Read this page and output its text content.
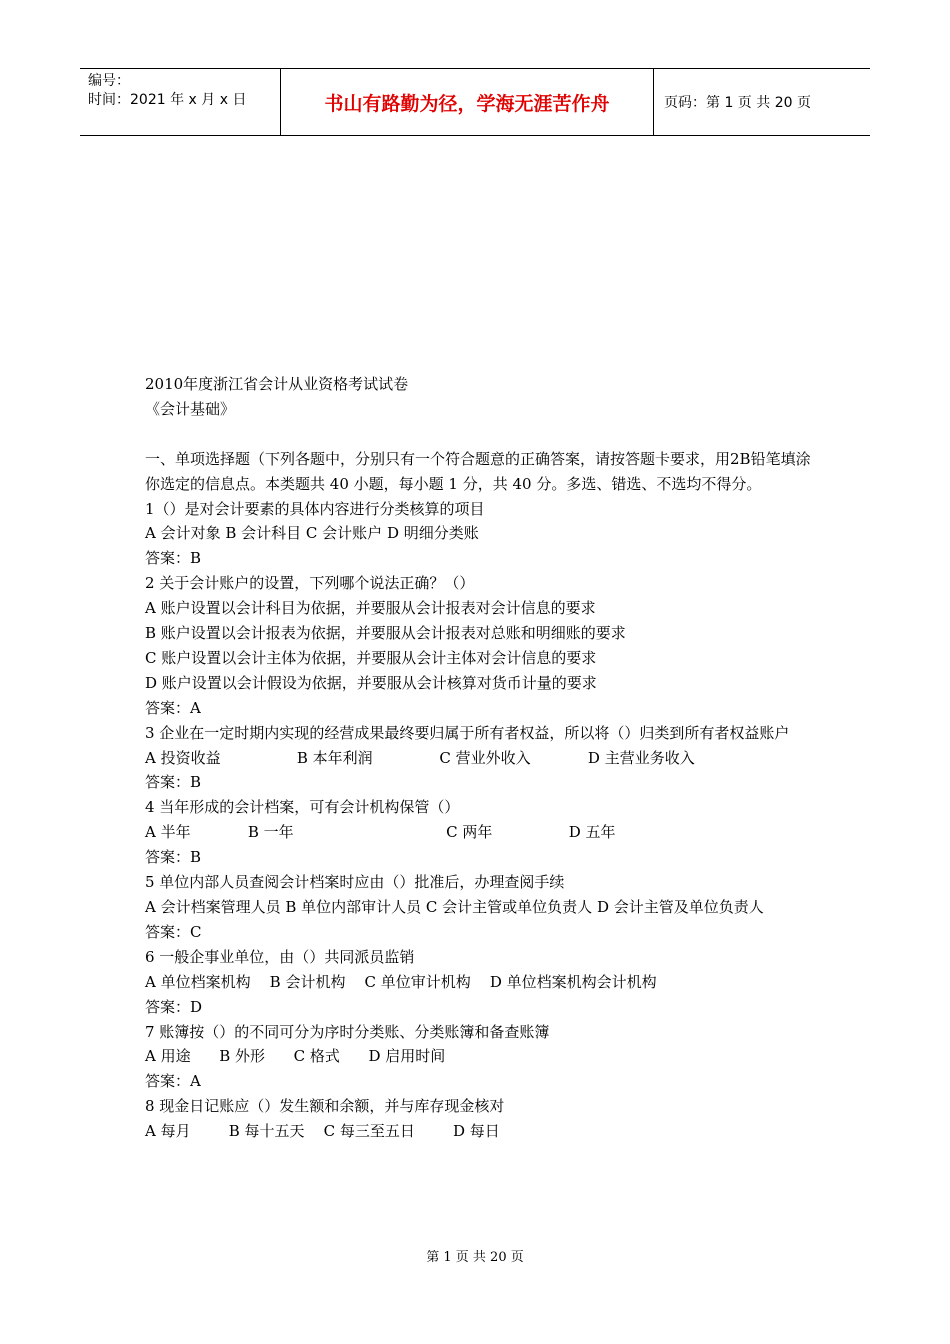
编号：
时间：2021 年 x 月 x 日	书山有路勤为径，学海无涯苦作舟	页码：第 1 页 共 20 页

2010年度浙江省会计从业资格考试试卷

《会计基础》

一、单项选择题（下列各题中，分别只有一个符合题意的正确答案，请按答题卡要求，用2B铅笔填涂你选定的信息点。本类题共 40 小题，每小题 1 分，共 40 分。多选、错选、不选均不得分。

1（）是对会计要素的具体内容进行分类核算的项目

A 会计对象 B 会计科目 C 会计账户 D 明细分类账

答案：B

2 关于会计账户的设置，下列哪个说法正确？（）

A 账户设置以会计科目为依据，并要服从会计报表对会计信息的要求

B 账户设置以会计报表为依据，并要服从会计报表对总账和明细账的要求

C 账户设置以会计主体为依据，并要服从会计主体对会计信息的要求

D 账户设置以会计假设为依据，并要服从会计核算对货币计量的要求

答案：A

3 企业在一定时期内实现的经营成果最终要归属于所有者权益，所以将（）归类到所有者权益账户

A 投资收益                B 本年利润              C 营业外收入            D 主营业务收入

答案：B

4 当年形成的会计档案，可有会计机构保管（）

A 半年            B 一年                                C 两年                D 五年

答案：B

5 单位内部人员查阅会计档案时应由（）批准后，办理查阅手续

A 会计档案管理人员 B 单位内部审计人员 C 会计主管或单位负责人 D 会计主管及单位负责人

答案：C

6 一般企事业单位，由（）共同派员监销

A 单位档案机构    B 会计机构    C 单位审计机构    D 单位档案机构会计机构

答案：D

7 账簿按（）的不同可分为序时分类账、分类账簿和备查账簿

A 用途      B 外形      C 格式      D 启用时间

答案：A

8 现金日记账应（）发生额和余额，并与库存现金核对

A 每月        B 每十五天    C 每三至五日        D 每日

第 1 页 共 20 页
